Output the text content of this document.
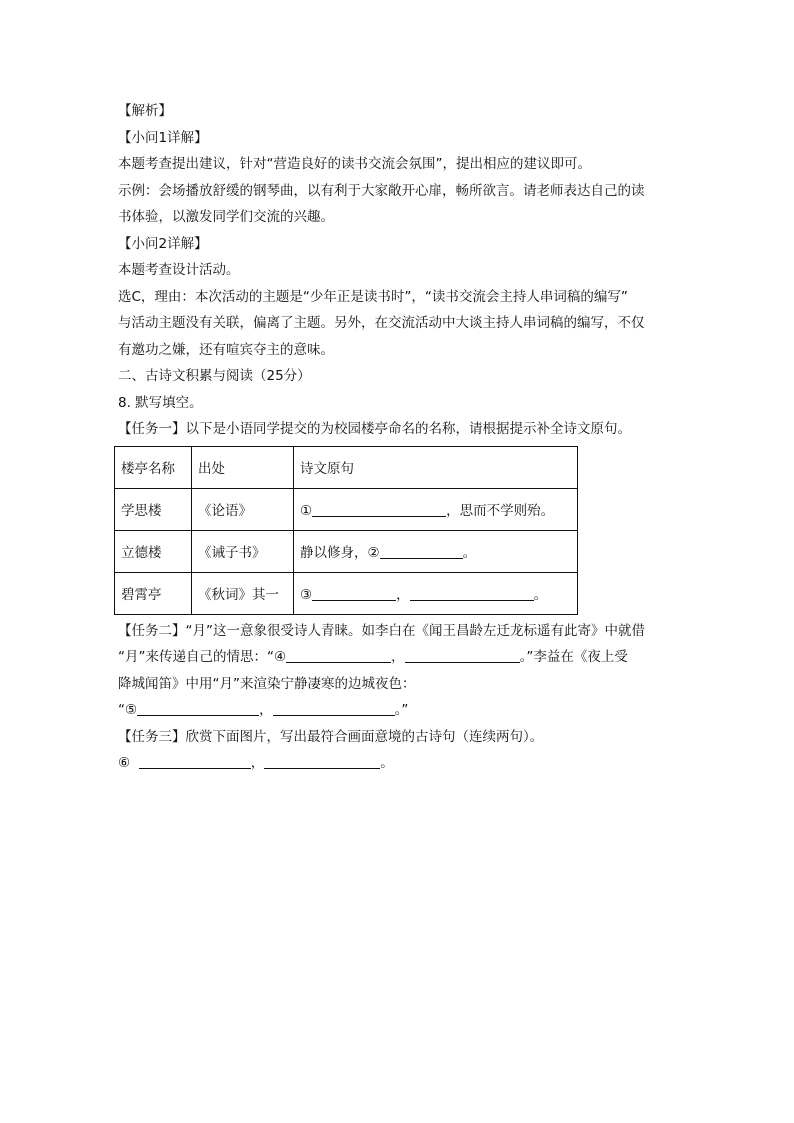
【解析】
【小问1详解】
本题考查提出建议，针对“营造良好的读书交流会氛围”，提出相应的建议即可。
示例：会场播放舒缓的钢琴曲，以有利于大家敞开心扉，畅所欲言。请老师表达自己的读
书体验，以激发同学们交流的兴趣。
【小问2详解】
本题考查设计活动。
选C，理由：本次活动的主题是“少年正是读书时”，“读书交流会主持人串词稿的编写”
与活动主题没有关联，偏离了主题。另外，在交流活动中大谈主持人串词稿的编写，不仅
有邀功之嫌，还有喧宾夺主的意味。
二、古诗文积累与阅读（25分）
8. 默写填空。
【任务一】以下是小语同学提交的为校园楼亭命名的名称，请根据提示补全诗文原句。
楼亭名称	出处	诗文原句
学思楼	《论语》	① ，思而不学则殆。
立德楼	《诫子书》	静以修身，② 。
碧霄亭	《秋词》其一	③ ， 。
【任务二】“月”这一意象很受诗人青睐。如李白在《闻王昌龄左迁龙标遥有此寄》中就借
“月”来传递自己的情思：“④	，	。”李益在《夜上受
降城闻笛》中用“月”来渲染宁静凄寒的边城夜色：
“⑤	，	。”
【任务三】欣赏下面图片，写出最符合画面意境的古诗句（连续两句）。
⑥	，	。
